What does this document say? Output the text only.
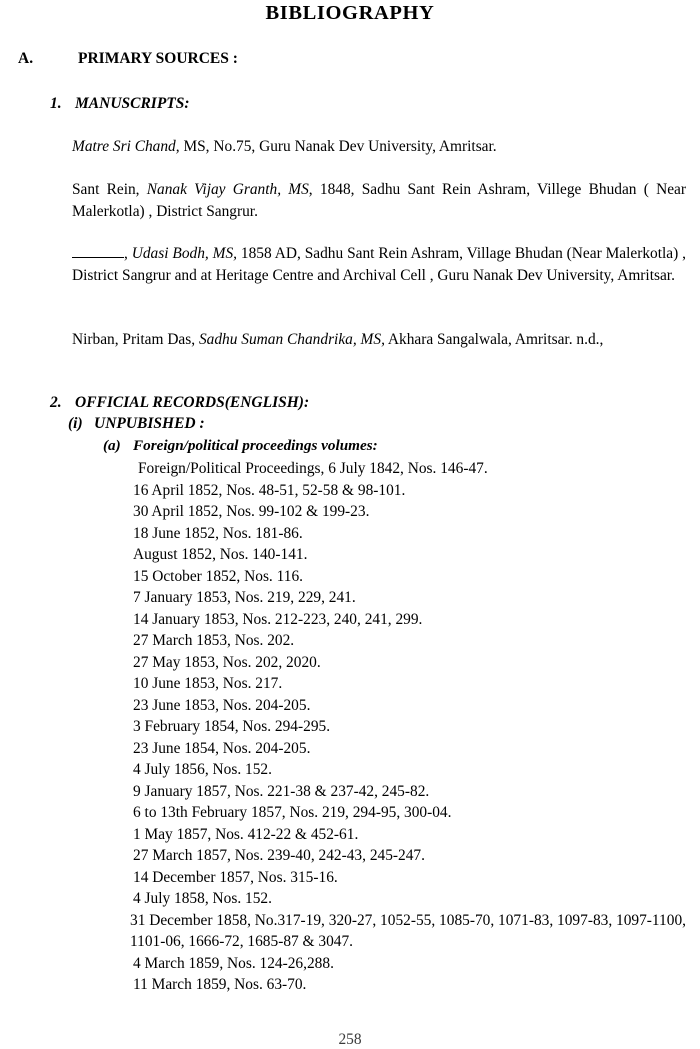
BIBLIOGRAPHY
A.	PRIMARY SOURCES :
1. MANUSCRIPTS:
Matre Sri Chand, MS, No.75, Guru Nanak Dev University, Amritsar.
Sant Rein, Nanak Vijay Granth, MS, 1848, Sadhu Sant Rein Ashram, Villege Bhudan ( Near Malerkotla) , District Sangrur.
, Udasi Bodh, MS, 1858 AD, Sadhu Sant Rein Ashram, Village Bhudan (Near Malerkotla) , District Sangrur and at Heritage Centre and Archival Cell , Guru Nanak Dev University, Amritsar.
Nirban, Pritam Das, Sadhu Suman Chandrika, MS, Akhara Sangalwala, Amritsar. n.d.,
2. OFFICIAL RECORDS(ENGLISH):
(i) UNPUBISHED :
(a) Foreign/political proceedings volumes:
Foreign/Political Proceedings, 6 July 1842, Nos. 146-47.
16 April 1852, Nos. 48-51, 52-58 & 98-101.
30 April 1852, Nos. 99-102 & 199-23.
18 June 1852, Nos. 181-86.
August 1852, Nos. 140-141.
15 October 1852, Nos. 116.
7 January 1853, Nos. 219, 229, 241.
14 January 1853, Nos. 212-223, 240, 241, 299.
27 March 1853, Nos. 202.
27 May 1853, Nos. 202, 2020.
10 June 1853, Nos. 217.
23 June 1853, Nos. 204-205.
3 February 1854, Nos. 294-295.
23 June 1854, Nos. 204-205.
4 July 1856, Nos. 152.
9 January 1857, Nos. 221-38 & 237-42, 245-82.
6 to 13th February 1857, Nos. 219, 294-95, 300-04.
1 May 1857, Nos. 412-22 & 452-61.
27 March 1857, Nos. 239-40, 242-43, 245-247.
14 December 1857, Nos. 315-16.
4 July 1858, Nos. 152.
31 December 1858, No.317-19, 320-27, 1052-55, 1085-70, 1071-83, 1097-83, 1097-1100, 1101-06, 1666-72, 1685-87 & 3047.
4 March 1859, Nos. 124-26,288.
11 March 1859, Nos. 63-70.
258
